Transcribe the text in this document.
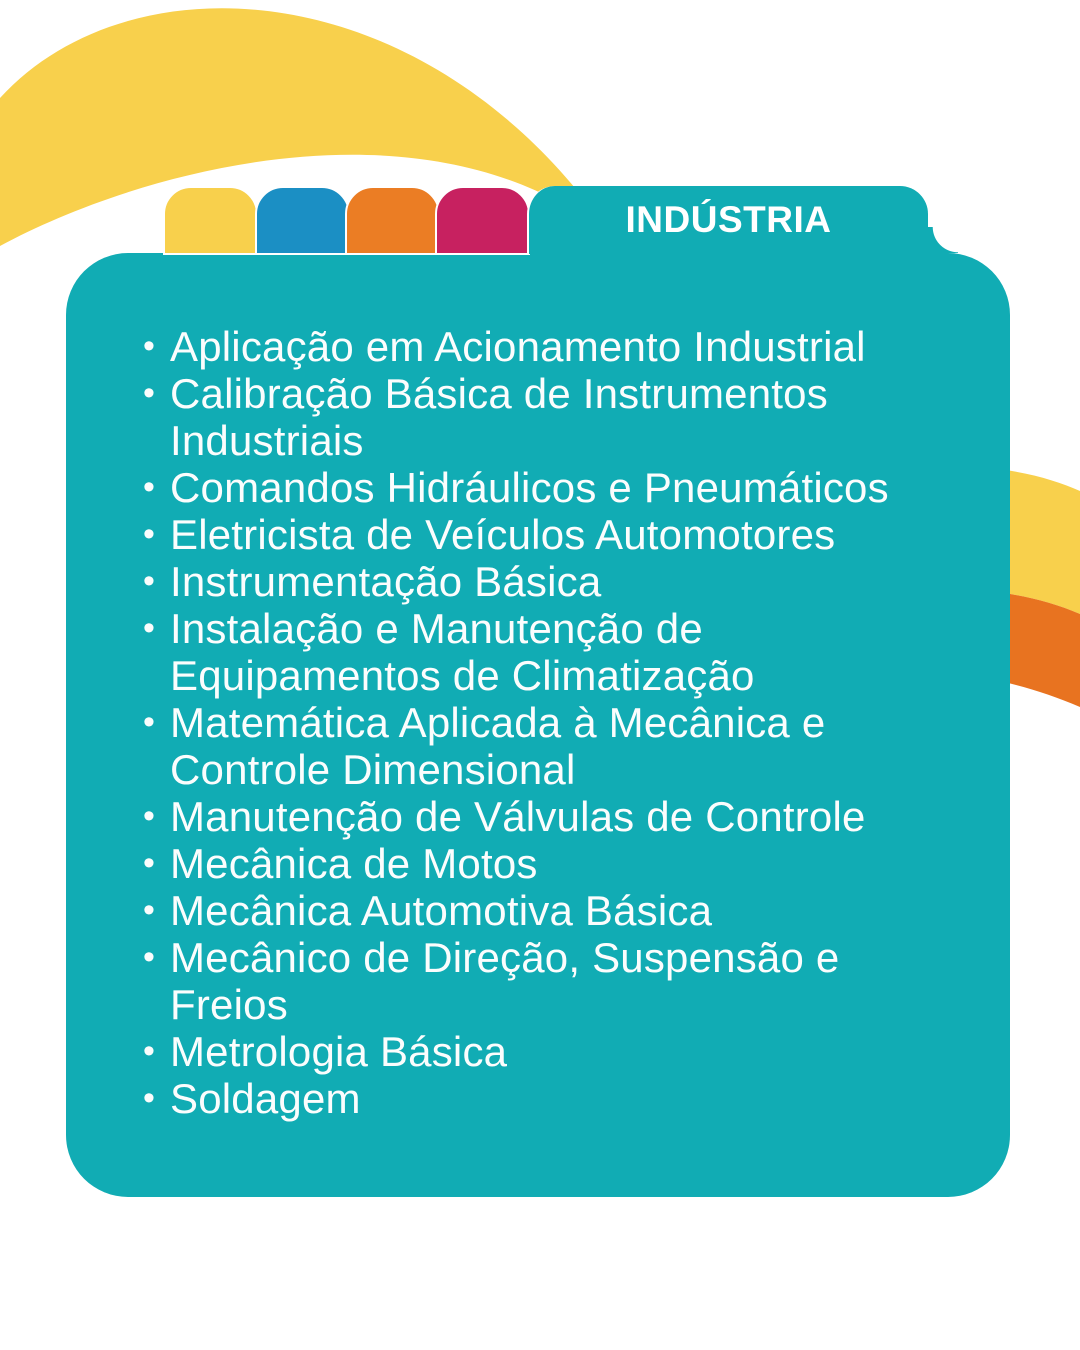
• Aplicação em Acionamento Industrial
• Calibração Básica de Instrumentos Industriais
• Comandos Hidráulicos e Pneumáticos
• Eletricista de Veículos Automotores
• Instrumentação Básica
• Instalação e Manutenção de Equipamentos de Climatização
• Matemática Aplicada à Mecânica e Controle Dimensional
• Manutenção de Válvulas de Controle
• Mecânica de Motos
• Mecânica Automotiva Básica
• Mecânico de Direção, Suspensão e Freios
• Metrologia Básica
• Soldagem
INDÚSTRIA
